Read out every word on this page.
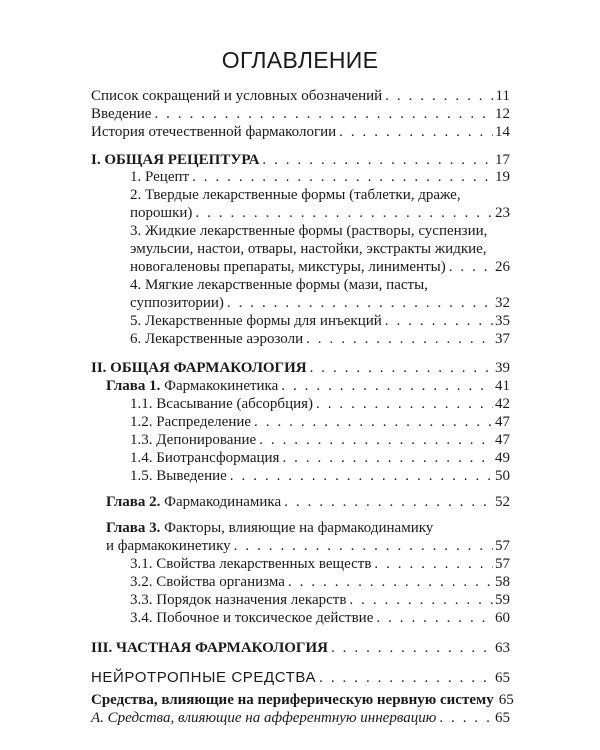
ОГЛАВЛЕНИЕ
Список сокращений и условных обозначений . . .	11
Введение . . .	12
История отечественной фармакологии . . .	14
I. ОБЩАЯ РЕЦЕПТУРА . . .	17
1. Рецепт . . .	19
2. Твердые лекарственные формы (таблетки, драже,
порошки) . . .	23
3. Жидкие лекарственные формы (растворы, суспензии,
эмульсии, настои, отвары, настойки, экстракты жидкие,
новогаленовы препараты, микстуры, линименты) . . .	26
4. Мягкие лекарственные формы (мази, пасты,
суппозитории) . . .	32
5. Лекарственные формы для инъекций . . .	35
6. Лекарственные аэрозоли . . .	37
II. ОБЩАЯ ФАРМАКОЛОГИЯ . . .	39
Глава 1. Фармакокинетика . . .	41
1.1. Всасывание (абсорбция) . . .	42
1.2. Распределение . . .	47
1.3. Депонирование . . .	47
1.4. Биотрансформация . . .	49
1.5. Выведение . . .	50
Глава 2. Фармакодинамика . . .	52
Глава 3. Факторы, влияющие на фармакодинамику
и фармакокинетику . . .	57
3.1. Свойства лекарственных веществ . . .	57
3.2. Свойства организма . . .	58
3.3. Порядок назначения лекарств . . .	59
3.4. Побочное и токсическое действие . . .	60
III. ЧАСТНАЯ ФАРМАКОЛОГИЯ . . .	63
НЕЙРОТРОПНЫЕ СРЕДСТВА . . .	65
Средства, влияющие на периферическую нервную систему 65
А. Средства, влияющие на афферентную иннервацию . . .	65
